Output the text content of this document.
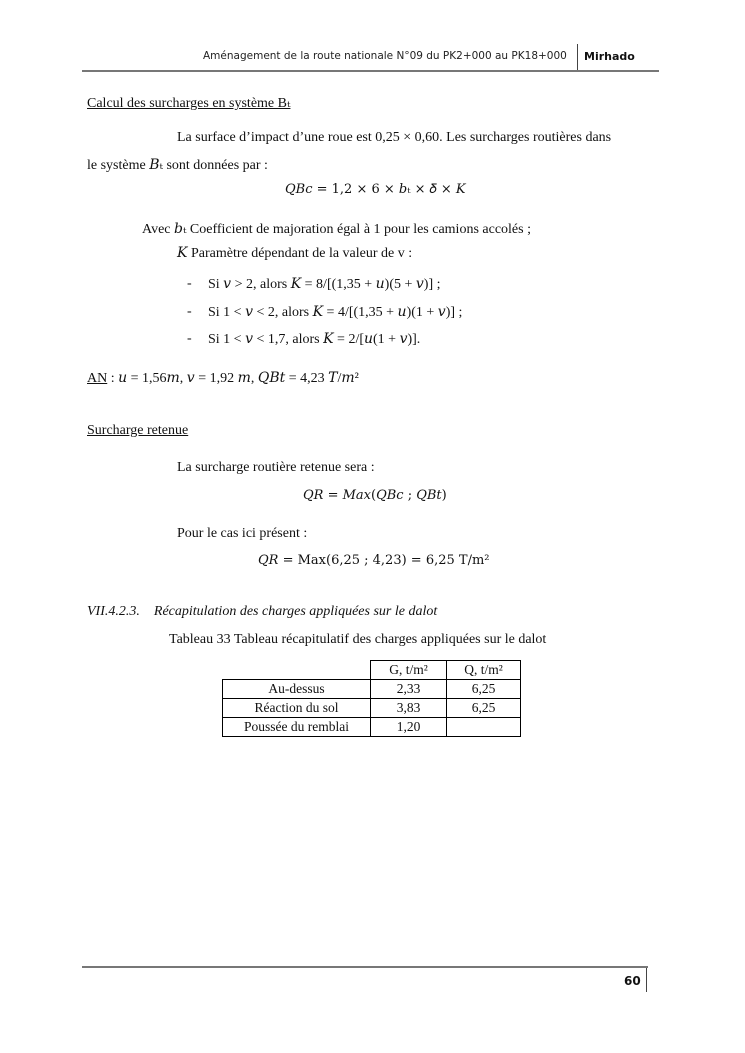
Aménagement de la route nationale N°09 du PK2+000 au PK18+000 Mirhado
Calcul des surcharges en système Bₜ
La surface d’impact d’une roue est 0,25 × 0,60. Les surcharges routières dans
le système 𝐵ₜ sont données par :
𝑄𝐵𝑐 = 1,2 × 6 × 𝑏ₜ × 𝛿 × 𝐾
Avec 𝑏ₜ Coefficient de majoration égal à 1 pour les camions accolés ;
𝐾 Paramètre dépendant de la valeur de v :
- Si 𝑣 > 2, alors 𝐾 = 8/[(1,35 + 𝑢)(5 + 𝑣)] ;
- Si 1 < 𝑣 < 2, alors 𝐾 = 4/[(1,35 + 𝑢)(1 + 𝑣)] ;
- Si 1 < 𝑣 < 1,7, alors 𝐾 = 2/[𝑢(1 + 𝑣)].
AN : 𝑢 = 1,56𝑚, 𝑣 = 1,92 𝑚, 𝑄𝐵𝑡 = 4,23 𝑇/𝑚²
Surcharge retenue
La surcharge routière retenue sera :
𝑄𝑅 = 𝑀𝑎𝑥(𝑄𝐵𝑐 ; 𝑄𝐵𝑡)
Pour le cas ici présent :
𝑄𝑅 = Max(6,25 ; 4,23) = 6,25 T/m²
VII.4.2.3. Récapitulation des charges appliquées sur le dalot
Tableau 33 Tableau récapitulatif des charges appliquées sur le dalot
	G, t/m²	Q, t/m²
Au-dessus	2,33	6,25
Réaction du sol	3,83	6,25
Poussée du remblai	1,20	
60
